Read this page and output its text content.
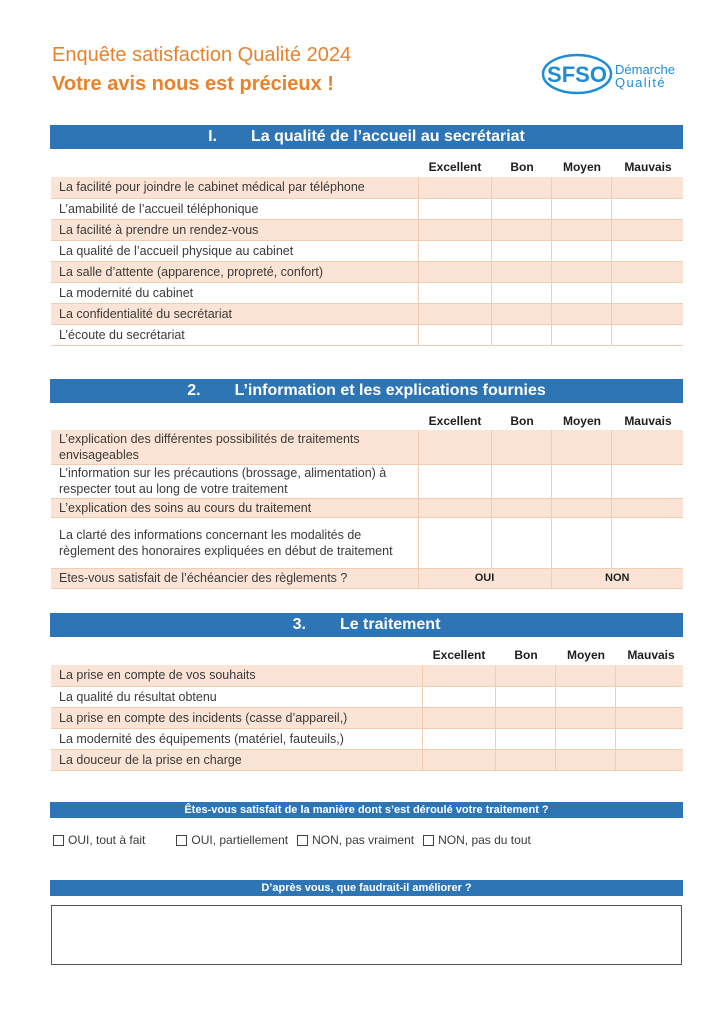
Enquête satisfaction Qualité 2024
Votre avis nous est précieux !	SFSO Démarche
Qualité
I. La qualité de l’accueil au secrétariat
Excellent	Bon	Moyen	Mauvais
La facilité pour joindre le cabinet médical par téléphone				
L’amabilité de l’accueil téléphonique				
La facilité à prendre un rendez-vous				
La qualité de l’accueil physique au cabinet				
La salle d’attente (apparence, propreté, confort)				
La modernité du cabinet				
La confidentialité du secrétariat				
L’écoute du secrétariat				
2. L’information et les explications fournies
Excellent	Bon	Moyen	Mauvais
L’explication des différentes possibilités de traitements envisageables				
L’information sur les précautions (brossage, alimentation) à respecter tout au long de votre traitement				
L’explication des soins au cours du traitement				
La clarté des informations concernant les modalités de règlement des honoraires expliquées en début de traitement				
Etes-vous satisfait de l’échéancier des règlements ?	OUI		NON	
3. Le traitement
Excellent	Bon	Moyen	Mauvais
La prise en compte de vos souhaits				
La qualité du résultat obtenu				
La prise en compte des incidents (casse d’appareil,)				
La modernité des équipements (matériel, fauteuils,)				
La douceur de la prise en charge				
Êtes-vous satisfait de la manière dont s’est déroulé votre traitement ?
OUI, tout à fait	OUI, partiellement NON, pas vraiment NON, pas du tout
D’après vous, que faudrait-il améliorer ?
